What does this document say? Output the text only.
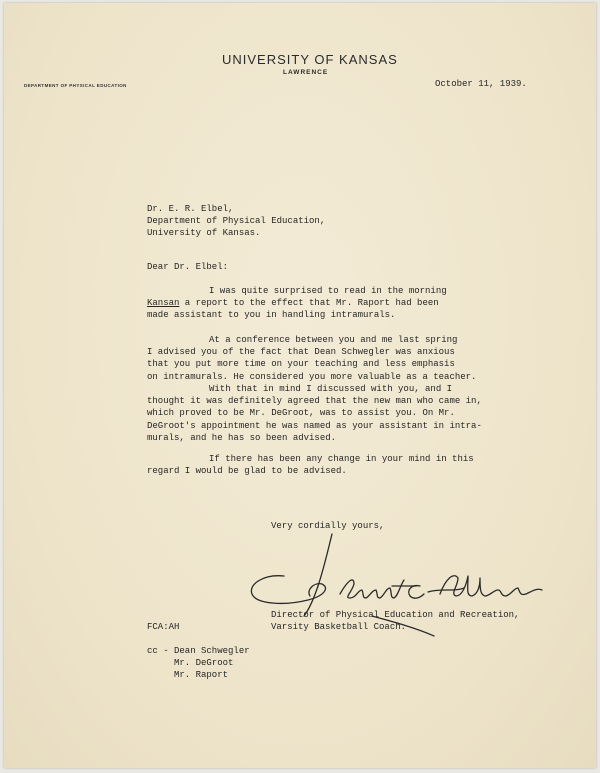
UNIVERSITY OF KANSAS
LAWRENCE
DEPARTMENT OF PHYSICAL EDUCATION	October 11, 1939.
Dr. E. R. Elbel,
Department of Physical Education,
University of Kansas.
Dear Dr. Elbel:
I was quite surprised to read in the morning
Kansan a report to the effect that Mr. Raport had been
made assistant to you in handling intramurals.
At a conference between you and me last spring
I advised you of the fact that Dean Schwegler was anxious
that you put more time on your teaching and less emphasis
on intramurals. He considered you more valuable as a teacher.
With that in mind I discussed with you, and I
thought it was definitely agreed that the new man who came in,
which proved to be Mr. DeGroot, was to assist you. On Mr.
DeGroot's appointment he was named as your assistant in intra-
murals, and he has so been advised.
If there has been any change in your mind in this
regard I would be glad to be advised.
Very cordially yours,
Director of Physical Education and Recreation,
Varsity Basketball Coach.
FCA:AH
cc - Dean Schwegler
Mr. DeGroot
Mr. Raport
